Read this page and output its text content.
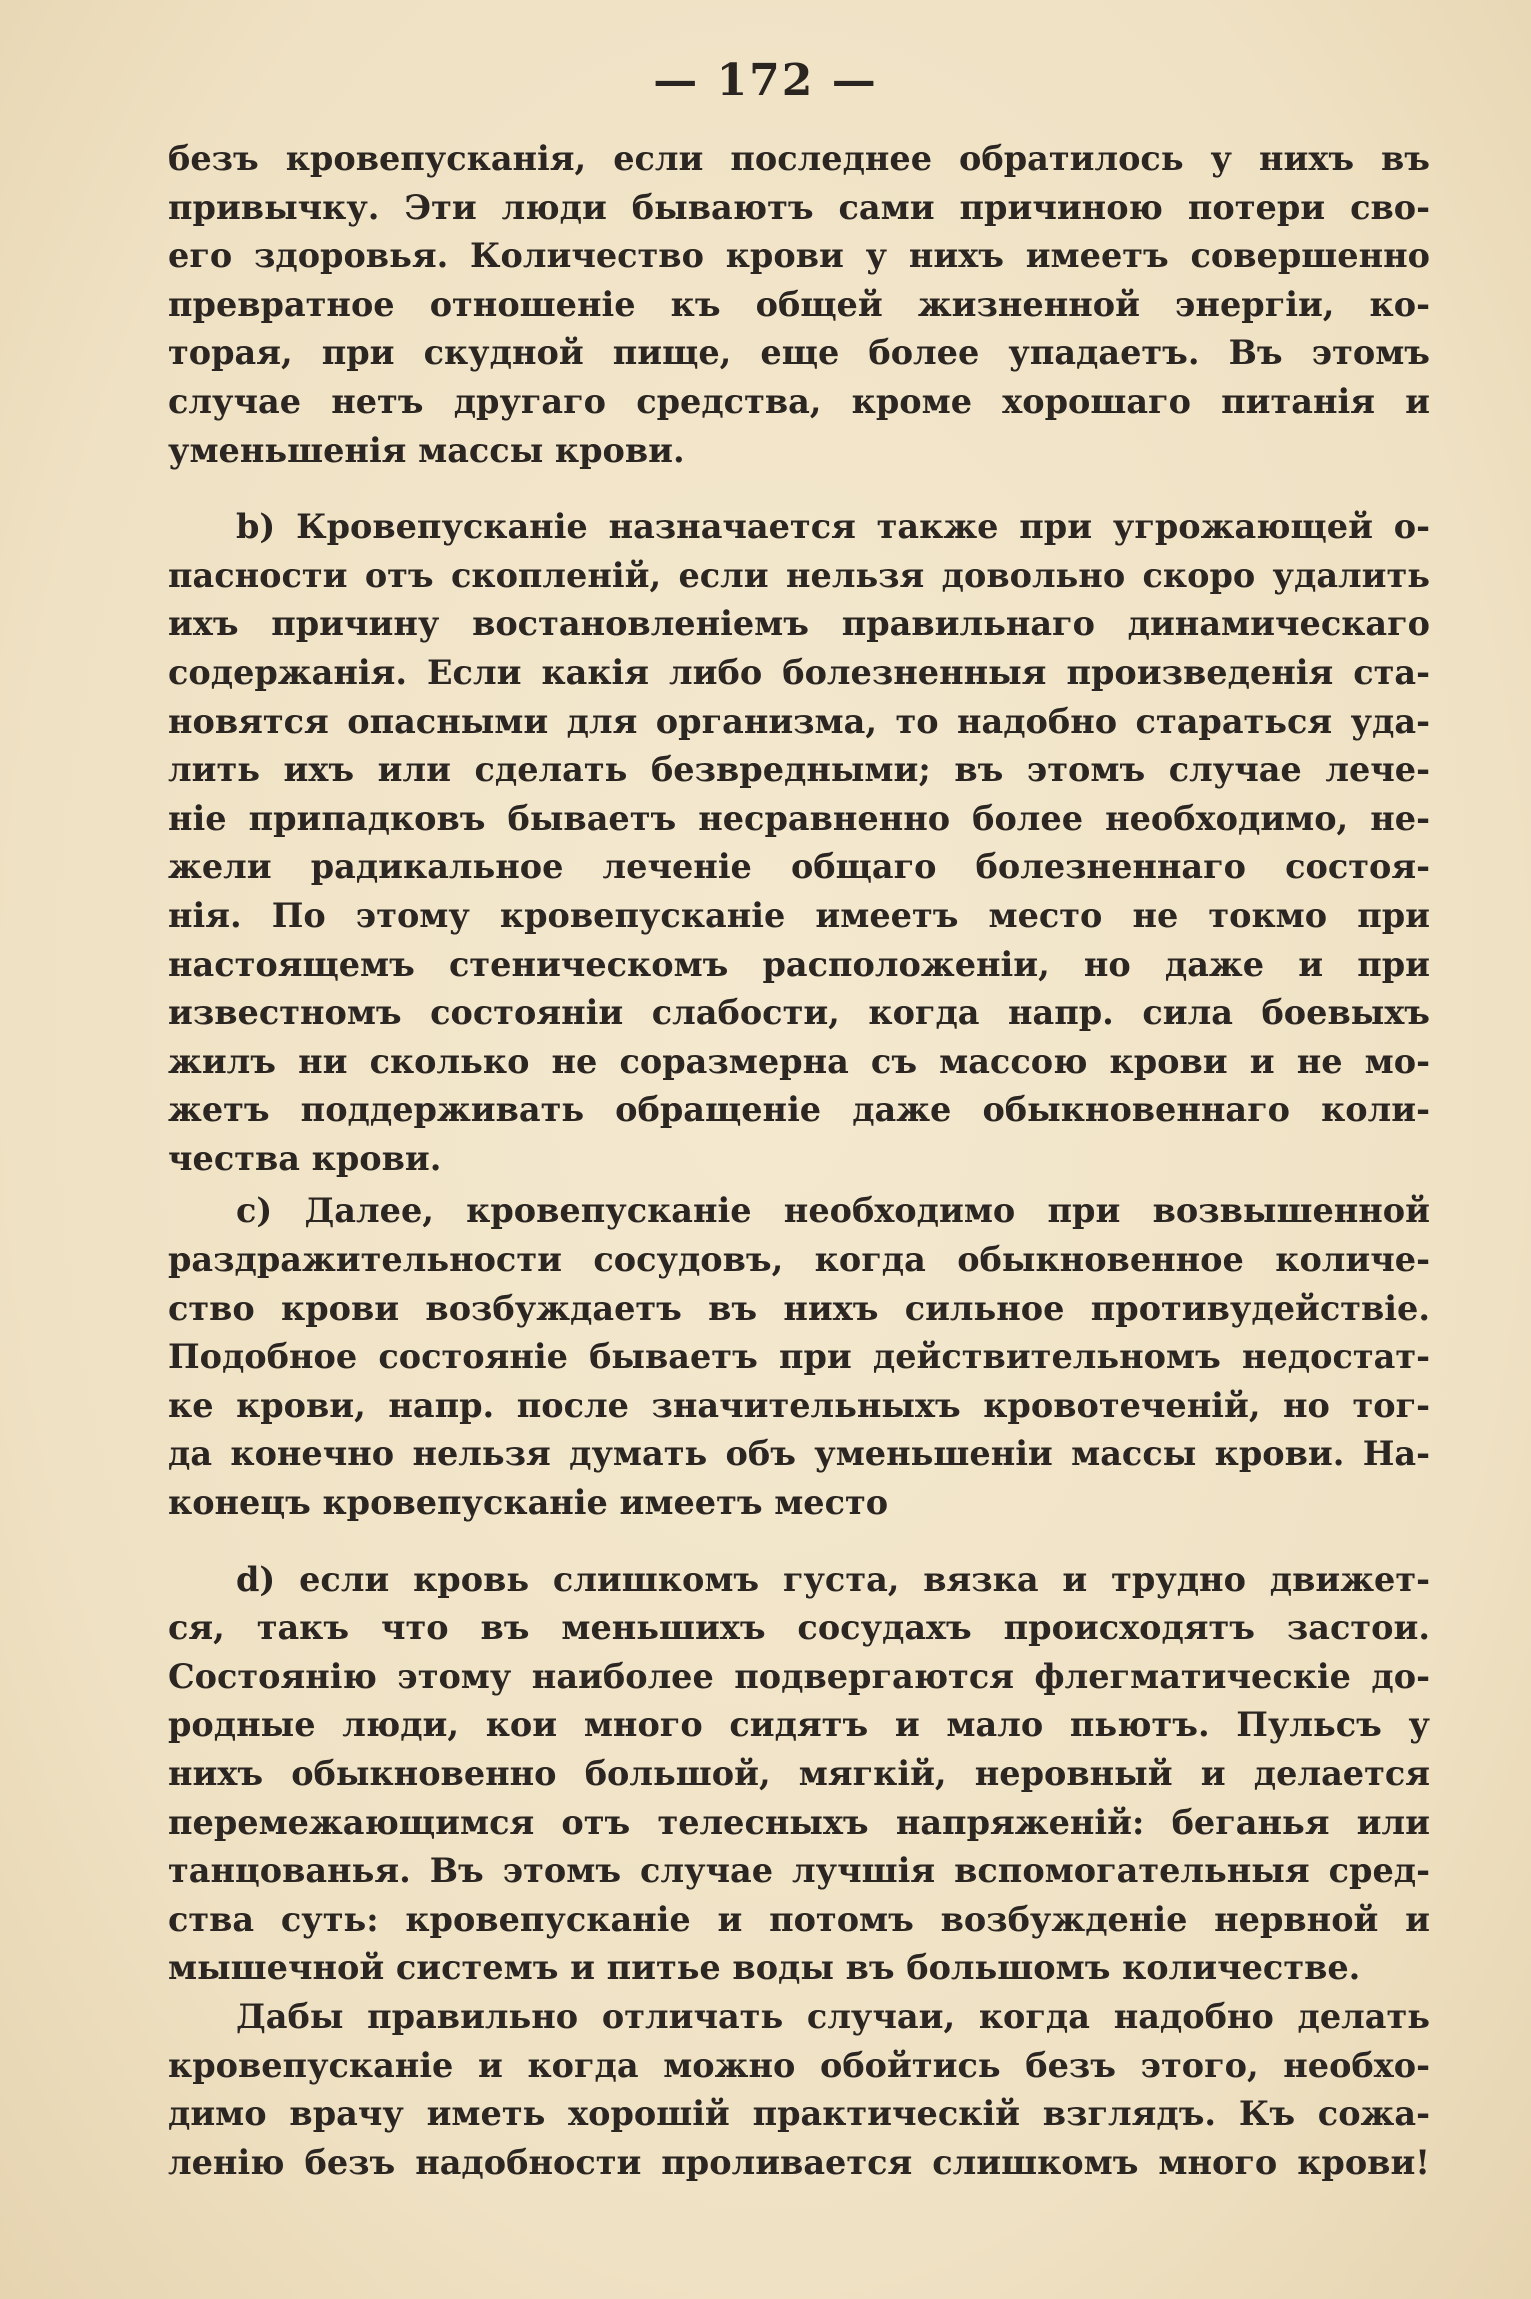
— 172 —
безъ кровепусканія, если последнее обратилось у нихъ въ
привычку. Эти люди бываютъ сами причиною потери сво-
его здоровья. Количество крови у нихъ имеетъ совершенно
превратное отношеніе къ общей жизненной энергіи, ко-
торая, при скудной пище, еще более упадаетъ. Въ этомъ
случае нетъ другаго средства, кроме хорошаго питанія и
уменьшенія массы крови.
b) Кровепусканіе назначается также при угрожающей о-
пасности отъ скопленій, если нельзя довольно скоро удалить
ихъ причину востановленіемъ правильнаго динамическаго
содержанія. Если какія либо болезненныя произведенія ста-
новятся опасными для организма, то надобно стараться уда-
лить ихъ или сделать безвредными; въ этомъ случае лече-
ніе припадковъ бываетъ несравненно более необходимо, не-
жели радикальное леченіе общаго болезненнаго состоя-
нія. По этому кровепусканіе имеетъ место не токмо при
настоящемъ стеническомъ расположеніи, но даже и при
известномъ состояніи слабости, когда напр. сила боевыхъ
жилъ ни сколько не соразмерна съ массою крови и не мо-
жетъ поддерживать обращеніе даже обыкновеннаго коли-
чества крови.
c) Далее, кровепусканіе необходимо при возвышенной
раздражительности сосудовъ, когда обыкновенное количе-
ство крови возбуждаетъ въ нихъ сильное противудействіе.
Подобное состояніе бываетъ при действительномъ недостат-
ке крови, напр. после значительныхъ кровотеченій, но тог-
да конечно нельзя думать объ уменьшеніи массы крови. На-
конецъ кровепусканіе имеетъ место
d) если кровь слишкомъ густа, вязка и трудно движет-
ся, такъ что въ меньшихъ сосудахъ происходятъ застои.
Состоянію этому наиболее подвергаются флегматическіе до-
родные люди, кои много сидятъ и мало пьютъ. Пульсъ у
нихъ обыкновенно большой, мягкій, неровный и делается
перемежающимся отъ телесныхъ напряженій: беганья или
танцованья. Въ этомъ случае лучшія вспомогательныя сред-
ства суть: кровепусканіе и потомъ возбужденіе нервной и
мышечной системъ и питье воды въ большомъ количестве.
Дабы правильно отличать случаи, когда надобно делать
кровепусканіе и когда можно обойтись безъ этого, необхо-
димо врачу иметь хорошій практическій взглядъ. Къ сожа-
ленію безъ надобности проливается слишкомъ много крови!
